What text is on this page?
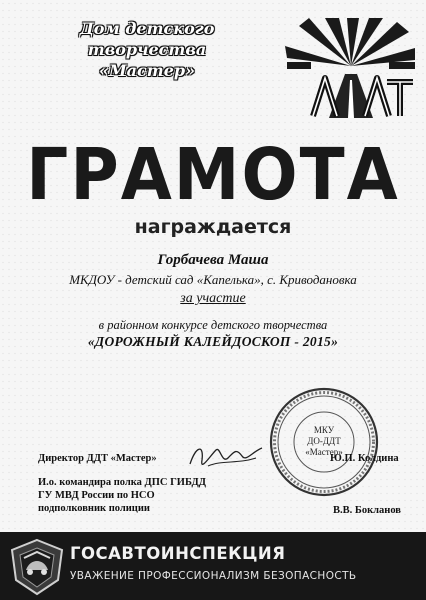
Дом детского творчества
«Мастер»
ГРАМОТА
награждается
Горбачева Маша
МКДОУ - детский сад «Капелька», с. Криводановка
за участие
в районном конкурсе детского творчества
«ДОРОЖНЫЙ КАЛЕЙДОСКОП - 2015»
МКУ
ДО-ДДТ
«Мастер»
Директор ДДТ «Мастер»	Ю.П. Колдина
И.о. командира полка ДПС ГИБДД
ГУ МВД России по НСО
подполковник полиции	В.В. Бокланов
ГОСАВТОИНСПЕКЦИЯ
УВАЖЕНИЕ ПРОФЕССИОНАЛИЗМ БЕЗОПАСНОСТЬ
